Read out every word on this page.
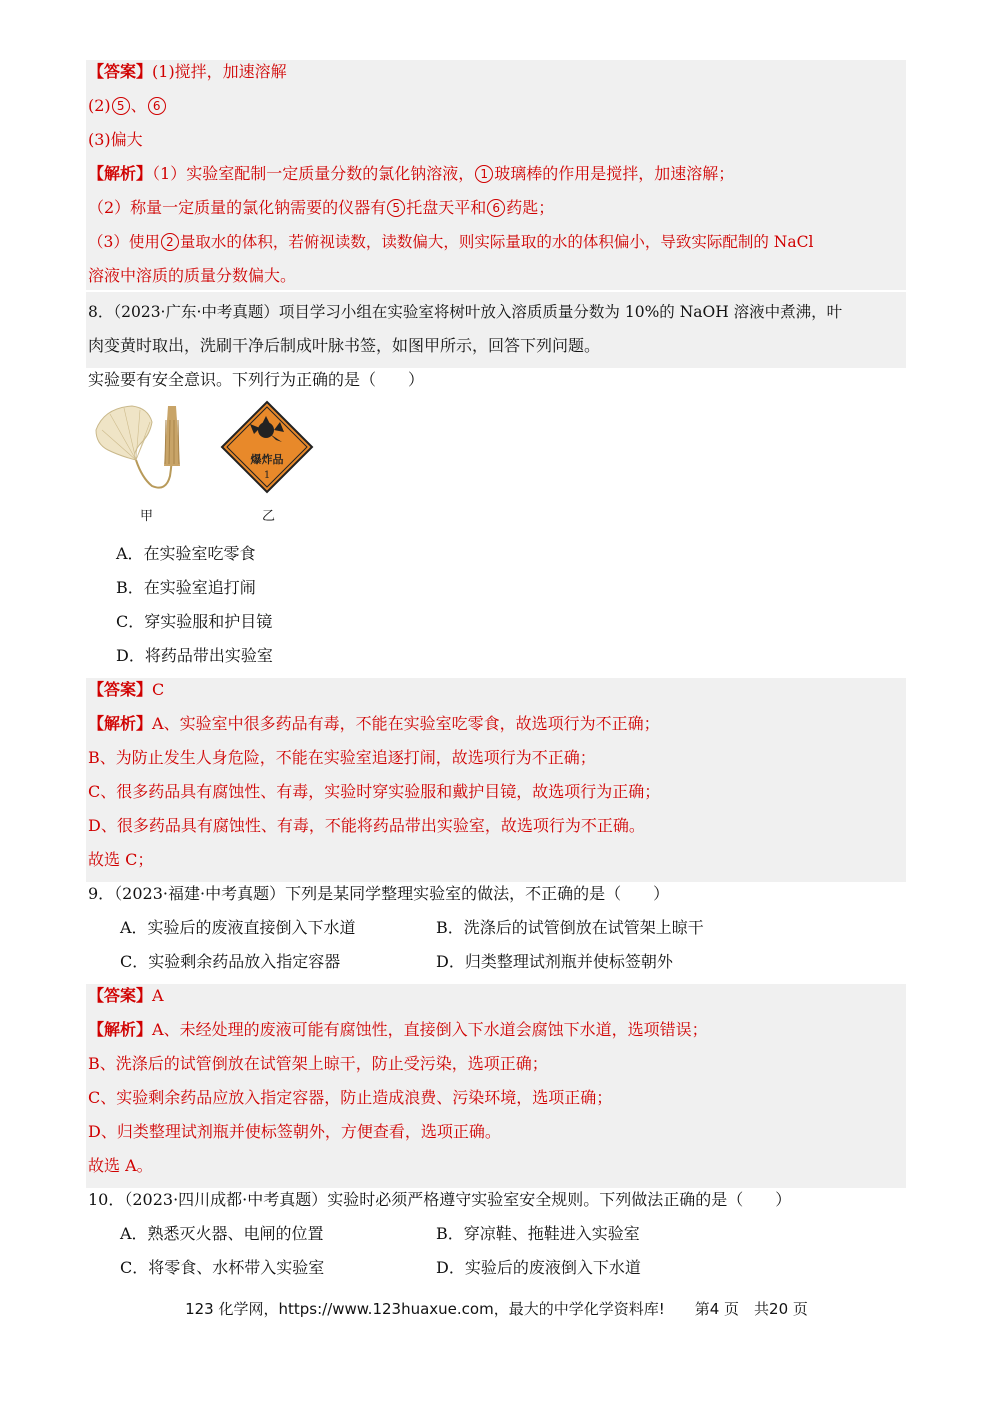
【答案】(1)搅拌，加速溶解
(2) 5 、 6
(3)偏大
【解析】（1）实验室配制一定质量分数的氯化钠溶液， 1 玻璃棒的作用是搅拌，加速溶解；
（2）称量一定质量的氯化钠需要的仪器有 5 托盘天平和 6 药匙；
（3）使用 2 量取水的体积，若俯视读数，读数偏大，则实际量取的水的体积偏小，导致实际配制的 NaCl
溶液中溶质的质量分数偏大。
8．（2023·广东·中考真题）项目学习小组在实验室将树叶放入溶质质量分数为 10%的 NaOH 溶液中煮沸，叶
肉变黄时取出，洗刷干净后制成叶脉书签，如图甲所示，回答下列问题。
实验要有安全意识。下列行为正确的是（　　）
甲
爆炸品
1
乙
A．在实验室吃零食
B．在实验室追打闹
C．穿实验服和护目镜
D．将药品带出实验室
【答案】C
【解析】A、实验室中很多药品有毒，不能在实验室吃零食，故选项行为不正确；
B、为防止发生人身危险，不能在实验室追逐打闹，故选项行为不正确；
C、很多药品具有腐蚀性、有毒，实验时穿实验服和戴护目镜，故选项行为正确；
D、很多药品具有腐蚀性、有毒，不能将药品带出实验室，故选项行为不正确。
故选 C；
9．（2023·福建·中考真题）下列是某同学整理实验室的做法，不正确的是（　　）
A．实验后的废液直接倒入下水道	B．洗涤后的试管倒放在试管架上晾干
C．实验剩余药品放入指定容器	D．归类整理试剂瓶并使标签朝外
【答案】A
【解析】A、未经处理的废液可能有腐蚀性，直接倒入下水道会腐蚀下水道，选项错误；
B、洗涤后的试管倒放在试管架上晾干，防止受污染，选项正确；
C、实验剩余药品应放入指定容器，防止造成浪费、污染环境，选项正确；
D、归类整理试剂瓶并使标签朝外，方便查看，选项正确。
故选 A。
10．（2023·四川成都·中考真题）实验时必须严格遵守实验室安全规则。下列做法正确的是（　　）
A．熟悉灭火器、电闸的位置	B．穿凉鞋、拖鞋进入实验室
C．将零食、水杯带入实验室	D．实验后的废液倒入下水道
123 化学网，https://www.123huaxue.com，最大的中学化学资料库!　　第4 页　共20 页
